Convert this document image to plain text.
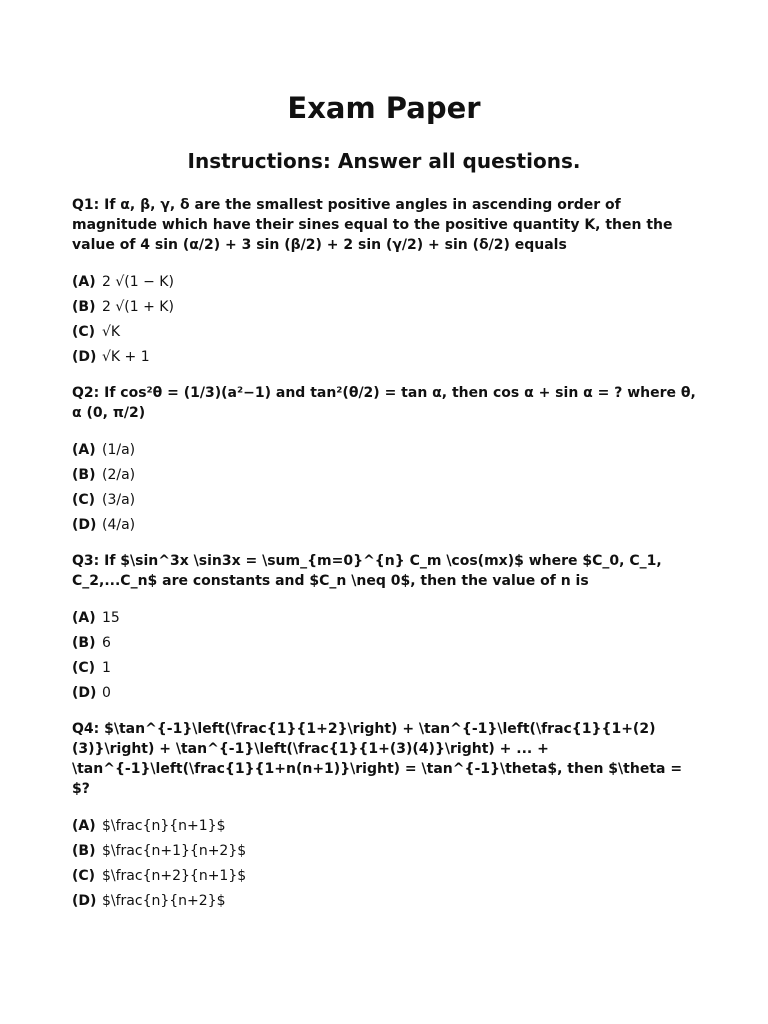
Exam Paper
Instructions: Answer all questions.

Q1: If α, β, γ, δ are the smallest positive angles in ascending order of magnitude which have their sines equal to the positive quantity K, then the value of 4 sin (α/2) + 3 sin (β/2) + 2 sin (γ/2) + sin (δ/2) equals

(A) 2 √(1 − K)
(B) 2 √(1 + K)
(C) √K
(D) √K + 1

Q2: If cos²θ = (1/3)(a²−1) and tan²(θ/2) = tan α, then cos α + sin α = ? where θ, α (0, π/2)

(A) (1/a)
(B) (2/a)
(C) (3/a)
(D) (4/a)

Q3: If $\sin^3x \sin3x = \sum_{m=0}^{n} C_m \cos(mx)$ where $C_0, C_1, C_2,...C_n$ are constants and $C_n \neq 0$, then the value of n is

(A) 15
(B) 6
(C) 1
(D) 0

Q4: $\tan^{-1}\left(\frac{1}{1+2}\right) + \tan^{-1}\left(\frac{1}{1+(2)(3)}\right) + \tan^{-1}\left(\frac{1}{1+(3)(4)}\right) + ... + \tan^{-1}\left(\frac{1}{1+n(n+1)}\right) = \tan^{-1}\theta$, then $\theta = $?

(A) $\frac{n}{n+1}$
(B) $\frac{n+1}{n+2}$
(C) $\frac{n+2}{n+1}$
(D) $\frac{n}{n+2}$
